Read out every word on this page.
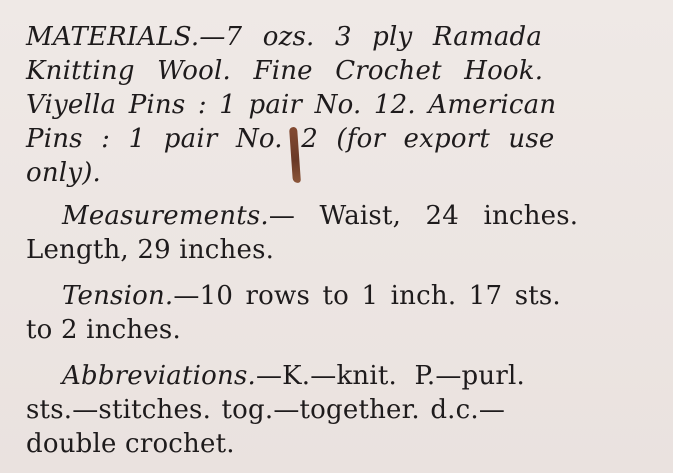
MATERIALS.—7 ozs. 3 ply Ramada
Knitting Wool. Fine Crochet Hook.
Viyella Pins : 1 pair No. 12. American
Pins : 1 pair No. 2 (for export use
only).
Measurements.— Waist, 24 inches.
Length, 29 inches.
Tension.—10 rows to 1 inch. 17 sts.
to 2 inches.
Abbreviations.—K.—knit. P.—purl.
sts.—stitches. tog.—together. d.c.—
double crochet.
